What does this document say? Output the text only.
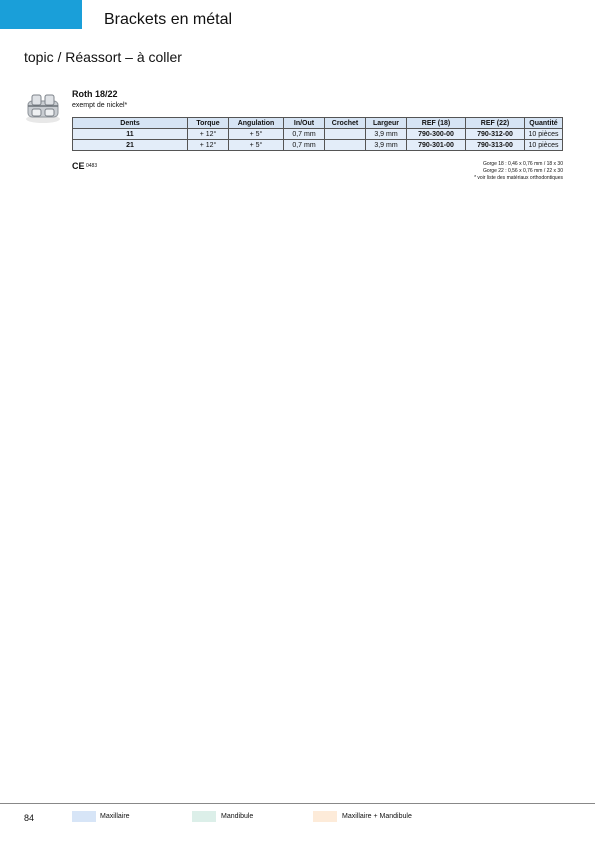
Brackets en métal
topic / Réassort – à coller
Roth 18/22
exempt de nickel*
Dents	Torque	Angulation	In/Out	Crochet	Largeur	REF (18)	REF (22)	Quantité
11	+ 12°	+ 5°	0,7 mm		3,9 mm	790-300-00	790-312-00	10 pièces
21	+ 12°	+ 5°	0,7 mm		3,9 mm	790-301-00	790-313-00	10 pièces
CE 0483	Gorge 18 : 0,46 x 0,76 mm / 18 x 30
Gorge 22 : 0,56 x 0,76 mm / 22 x 30
* voir liste des matériaux orthodontiques
84	Maxillaire	Mandibule	Maxillaire + Mandibule
